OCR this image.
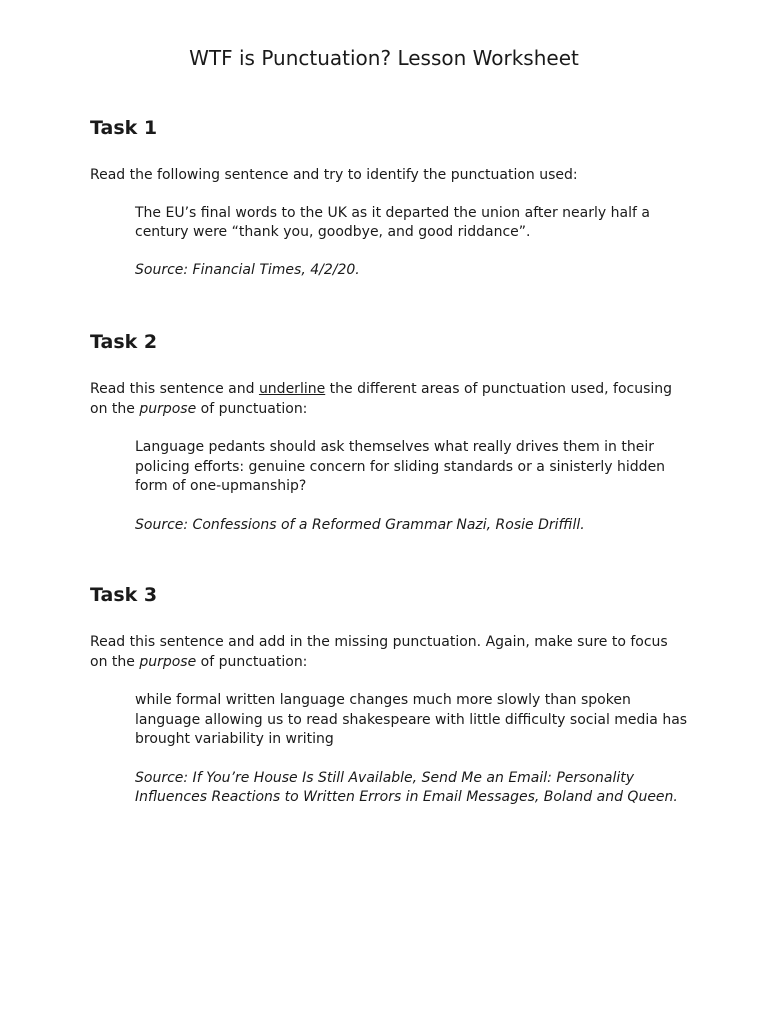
WTF is Punctuation? Lesson Worksheet
Task 1

Read the following sentence and try to identify the punctuation used:

The EU’s final words to the UK as it departed the union after nearly half a
century were “thank you, goodbye, and good riddance”.

Source: Financial Times, 4/2/20.

Task 2

Read this sentence and underline the different areas of punctuation used, focusing on the purpose of punctuation:

Language pedants should ask themselves what really drives them in their policing efforts: genuine concern for sliding standards or a sinisterly hidden form of one-upmanship?

Source: Confessions of a Reformed Grammar Nazi, Rosie Driffill.

Task 3

Read this sentence and add in the missing punctuation. Again, make sure to focus on the purpose of punctuation:

while formal written language changes much more slowly than spoken language allowing us to read shakespeare with little difficulty social media has brought variability in writing

Source: If You’re House Is Still Available, Send Me an Email: Personality Influences Reactions to Written Errors in Email Messages, Boland and Queen.
